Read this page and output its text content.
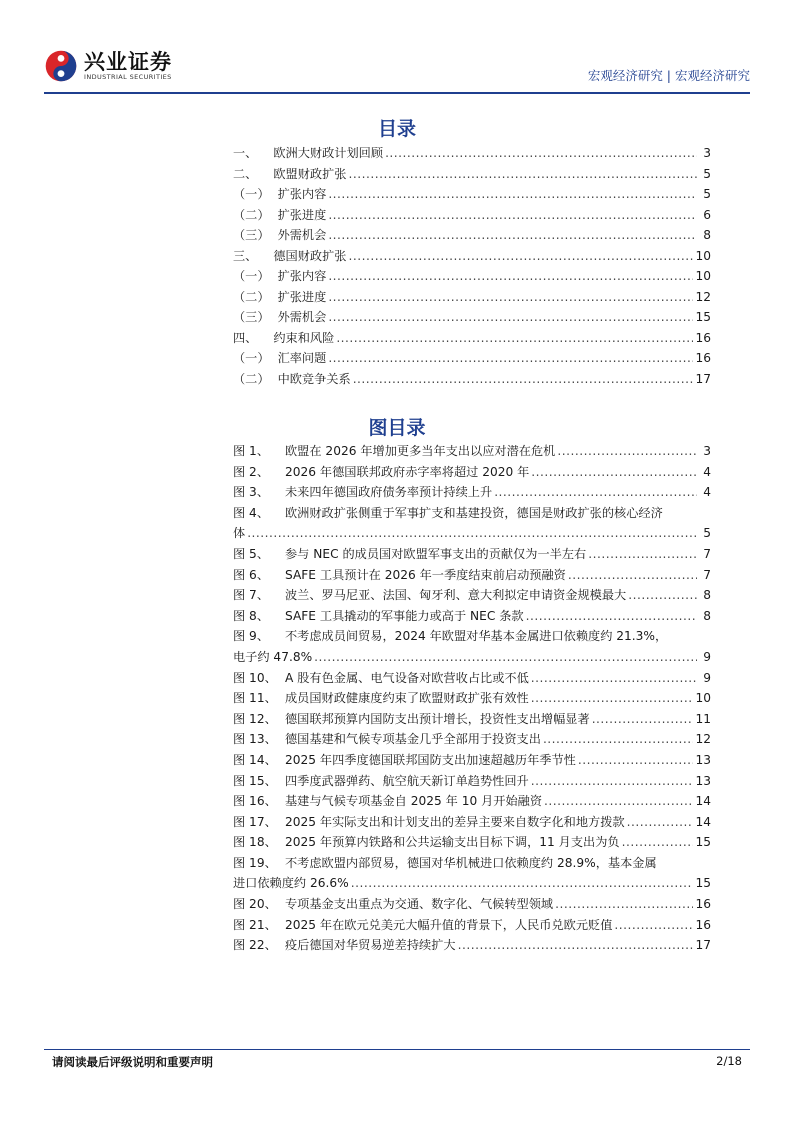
兴业证券
INDUSTRIAL SECURITIES	宏观经济研究 | 宏观经济研究
目录
一、 欧洲大财政计划回顾 .....	3
二、 欧盟财政扩张 .....	5
（一） 扩张内容 .....	5
（二） 扩张进度 .....	6
（三） 外需机会 .....	8
三、 德国财政扩张 .....	10
（一） 扩张内容 .....	10
（二） 扩张进度 .....	12
（三） 外需机会 .....	15
四、 约束和风险 .....	16
（一） 汇率问题 .....	16
（二） 中欧竞争关系 .....	17
图目录
图 1、	欧盟在 2026 年增加更多当年支出以应对潜在危机 .....	3
图 2、	2026 年德国联邦政府赤字率将超过 2020 年 .....	4
图 3、	未来四年德国政府债务率预计持续上升 .....	4
图 4、 欧洲财政扩张侧重于军事扩支和基建投资，德国是财政扩张的核心经济
体 .....	5
图 5、	参与 NEC 的成员国对欧盟军事支出的贡献仅为一半左右 .....	7
图 6、	SAFE 工具预计在 2026 年一季度结束前启动预融资 .....	7
图 7、	波兰、罗马尼亚、法国、匈牙利、意大利拟定申请资金规模最大 .....	8
图 8、	SAFE 工具撬动的军事能力或高于 NEC 条款 .....	8
图 9、 不考虑成员间贸易，2024 年欧盟对华基本金属进口依赖度约 21.3%，
电子约 47.8% .....	9
图 10、 A 股有色金属、电气设备对欧营收占比或不低 .....	9
图 11、 成员国财政健康度约束了欧盟财政扩张有效性 .....	10
图 12、 德国联邦预算内国防支出预计增长，投资性支出增幅显著 .....	11
图 13、 德国基建和气候专项基金几乎全部用于投资支出 .....	12
图 14、 2025 年四季度德国联邦国防支出加速超越历年季节性 .....	13
图 15、 四季度武器弹药、航空航天新订单趋势性回升 .....	13
图 16、 基建与气候专项基金自 2025 年 10 月开始融资 .....	14
图 17、 2025 年实际支出和计划支出的差异主要来自数字化和地方拨款 .....	14
图 18、 2025 年预算内铁路和公共运输支出目标下调，11 月支出为负 .....	15
图 19、 不考虑欧盟内部贸易，德国对华机械进口依赖度约 28.9%，基本金属
进口依赖度约 26.6% .....	15
图 20、 专项基金支出重点为交通、数字化、气候转型领域 .....	16
图 21、 2025 年在欧元兑美元大幅升值的背景下，人民币兑欧元贬值 .....	16
图 22、 疫后德国对华贸易逆差持续扩大 .....	17
请阅读最后评级说明和重要声明	2/18
